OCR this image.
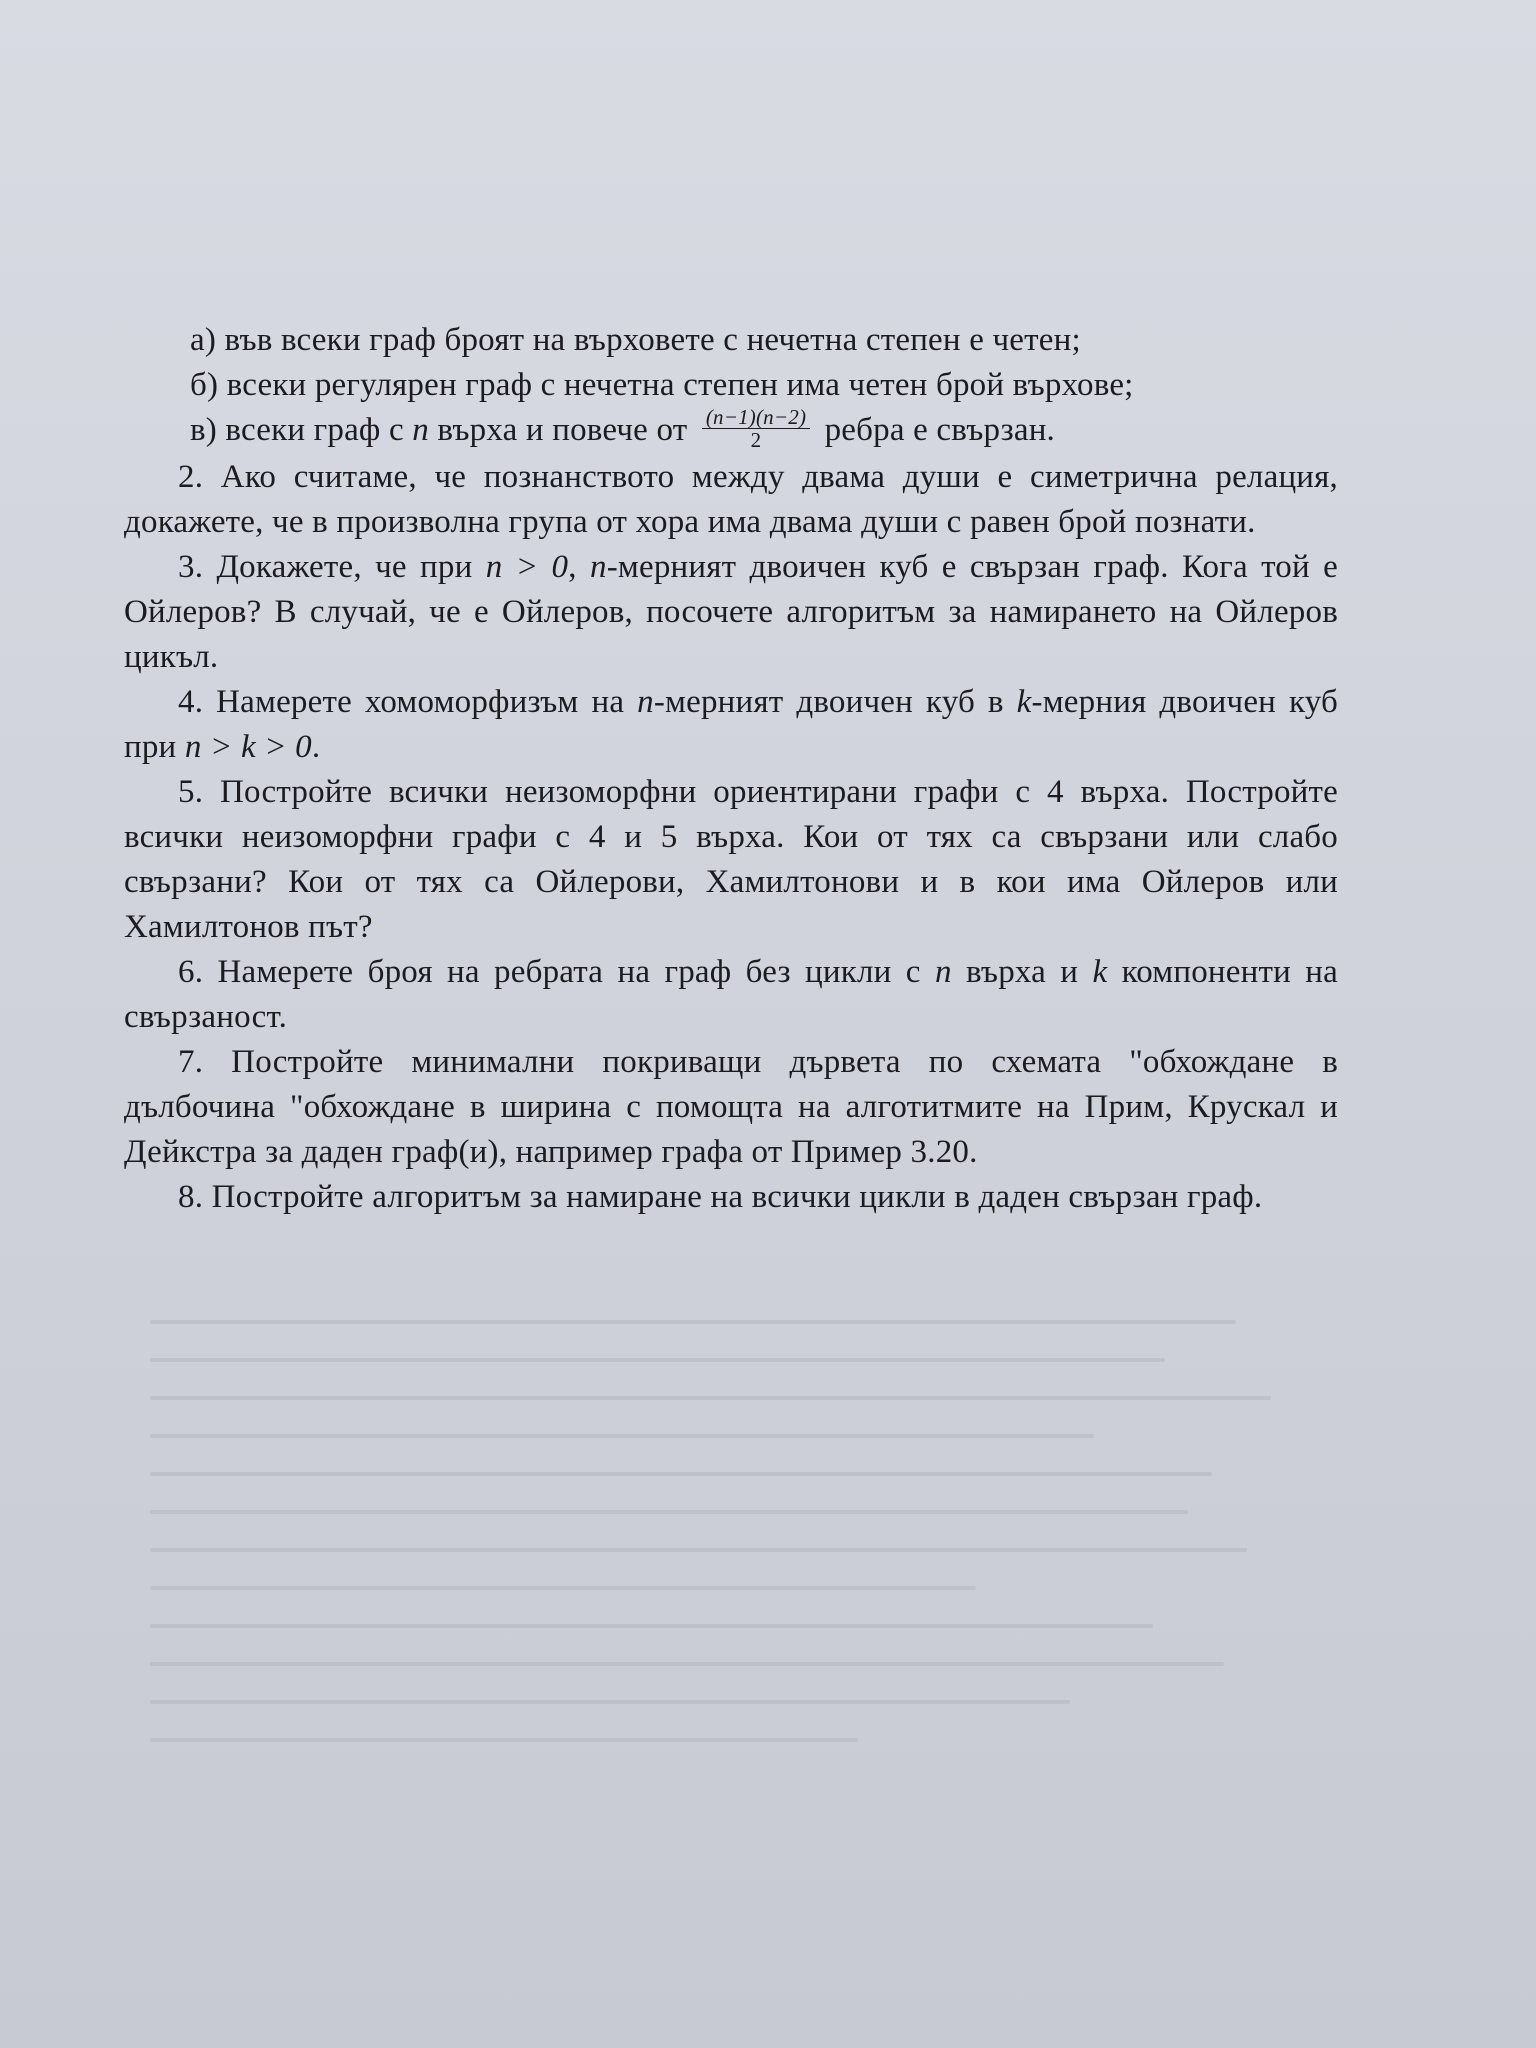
а) във всеки граф броят на върховете с нечетна степен е четен;
б) всеки регулярен граф с нечетна степен има четен брой върхове;
в) всеки граф с n върха и повече от $\frac{(n-1)(n-2)}{2}$ ребра е свързан.
2. Ако считаме, че познанството между двама души е симетрична релация, докажете, че в произволна група от хора има двама души с равен брой познати.
3. Докажете, че при n > 0, n-мерният двоичен куб е свързан граф. Кога той е Ойлеров? В случай, че е Ойлеров, посочете алгоритъм за намирането на Ойлеров цикъл.
4. Намерете хомоморфизъм на n-мерният двоичен куб в k-мерния двоичен куб при n > k > 0.
5. Постройте всички неизоморфни ориентирани графи с 4 върха. Постройте всички неизоморфни графи с 4 и 5 върха. Кои от тях са свързани или слабо свързани? Кои от тях са Ойлерови, Хамилтонови и в кои има Ойлеров или Хамилтонов път?
6. Намерете броя на ребрата на граф без цикли с n върха и k компоненти на свързаност.
7. Постройте минимални покриващи дървета по схемата "обхождане в дълбочина "обхождане в ширина с помощта на алготитмите на Прим, Крускал и Дейкстра за даден граф(и), например графа от Пример 3.20.
8. Постройте алгоритъм за намиране на всички цикли в даден свързан граф.
